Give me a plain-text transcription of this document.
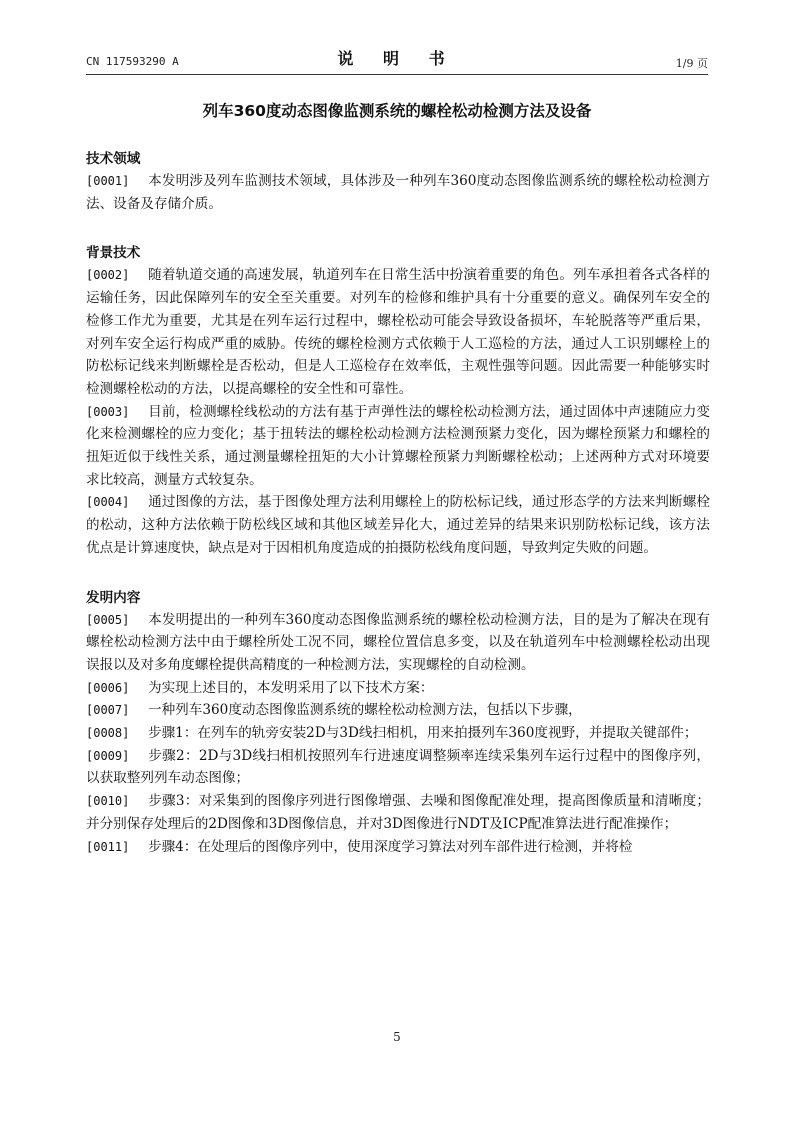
CN 117593290 A	说 明 书	1/9 页
列车360度动态图像监测系统的螺栓松动检测方法及设备
技术领域

[0001] 本发明涉及列车监测技术领域，具体涉及一种列车360度动态图像监测系统的螺栓松动检测方法、设备及存储介质。

背景技术

[0002] 随着轨道交通的高速发展，轨道列车在日常生活中扮演着重要的角色。列车承担着各式各样的运输任务，因此保障列车的安全至关重要。对列车的检修和维护具有十分重要的意义。确保列车安全的检修工作尤为重要，尤其是在列车运行过程中，螺栓松动可能会导致设备损坏，车轮脱落等严重后果，对列车安全运行构成严重的威胁。传统的螺栓检测方式依赖于人工巡检的方法，通过人工识别螺栓上的防松标记线来判断螺栓是否松动，但是人工巡检存在效率低，主观性强等问题。因此需要一种能够实时检测螺栓松动的方法，以提高螺栓的安全性和可靠性。

[0003] 目前，检测螺栓线松动的方法有基于声弹性法的螺栓松动检测方法，通过固体中声速随应力变化来检测螺栓的应力变化；基于扭转法的螺栓松动检测方法检测预紧力变化，因为螺栓预紧力和螺栓的扭矩近似于线性关系，通过测量螺栓扭矩的大小计算螺栓预紧力判断螺栓松动；上述两种方式对环境要求比较高，测量方式较复杂。

[0004] 通过图像的方法，基于图像处理方法利用螺栓上的防松标记线，通过形态学的方法来判断螺栓的松动，这种方法依赖于防松线区域和其他区域差异化大，通过差异的结果来识别防松标记线，该方法优点是计算速度快，缺点是对于因相机角度造成的拍摄防松线角度问题，导致判定失败的问题。

发明内容

[0005] 本发明提出的一种列车360度动态图像监测系统的螺栓松动检测方法，目的是为了解决在现有螺栓松动检测方法中由于螺栓所处工况不同，螺栓位置信息多变，以及在轨道列车中检测螺栓松动出现误报以及对多角度螺栓提供高精度的一种检测方法，实现螺栓的自动检测。

[0006] 为实现上述目的，本发明采用了以下技术方案：

[0007] 一种列车360度动态图像监测系统的螺栓松动检测方法，包括以下步骤，

[0008] 步骤1：在列车的轨旁安装2D与3D线扫相机，用来拍摄列车360度视野，并提取关键部件；

[0009] 步骤2：2D与3D线扫相机按照列车行进速度调整频率连续采集列车运行过程中的图像序列，以获取整列列车动态图像；

[0010] 步骤3：对采集到的图像序列进行图像增强、去噪和图像配准处理，提高图像质量和清晰度；并分别保存处理后的2D图像和3D图像信息，并对3D图像进行NDT及ICP配准算法进行配准操作；

[0011] 步骤4：在处理后的图像序列中，使用深度学习算法对列车部件进行检测，并将检

5
